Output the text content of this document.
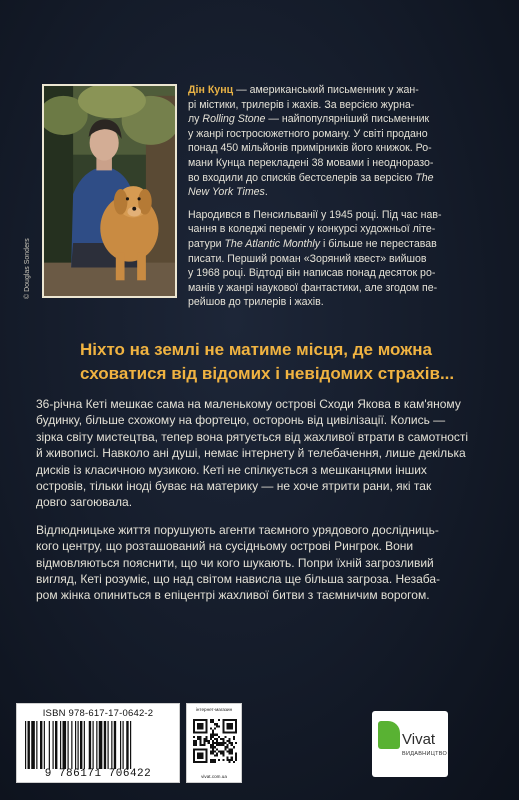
© Douglas Sonders

Дін Кунц — американський письменник у жан-
рі містики, трилерів і жахів. За версією журна-
лу Rolling Stone — найпопулярніший письменник
у жанрі гостросюжетного роману. У світі продано
понад 450 мільйонів примірників його книжок. Ро-
мани Кунца перекладені 38 мовами і неодноразо-
во входили до списків бестселерів за версією The
New York Times.

Народився в Пенсильванії у 1945 році. Під час нав-
чання в коледжі переміг у конкурсі художньої літе-
ратури The Atlantic Monthly і більше не переставав
писати. Перший роман «Зоряний квест» вийшов
у 1968 році. Відтоді він написав понад десяток ро-
манів у жанрі наукової фантастики, але згодом пе-
рейшов до трилерів і жахів.

Ніхто на землі не матиме місця, де можна
сховатися від відомих і невідомих страхів...

36-річна Кеті мешкає сама на маленькому острові Сходи Якова в кам'яному
будинку, більше схожому на фортецю, осторонь від цивілізації. Колись —
зірка світу мистецтва, тепер вона рятується від жахливої втрати в самотності
й живописі. Навколо ані душі, немає інтернету й телебачення, лише декілька
дисків із класичною музикою. Кеті не спілкується з мешканцями інших
островів, тільки іноді буває на материку — не хоче ятрити рани, які так
довго загоювала.

Відлюдницьке життя порушують агенти таємного урядового дослідниць-
кого центру, що розташований на сусідньому острові Рингрок. Вони
відмовляються пояснити, що чи кого шукають. Попри їхній загрозливий
вигляд, Кеті розуміє, що над світом нависла ще більша загроза. Незаба-
ром жінка опиниться в епіцентрі жахливої битви з таємничим ворогом.

ISBN 978-617-17-0642-2
9 786171 706422
інтернет-магазин
vivat.com.ua
Vivat
ВИДАВНИЦТВО
